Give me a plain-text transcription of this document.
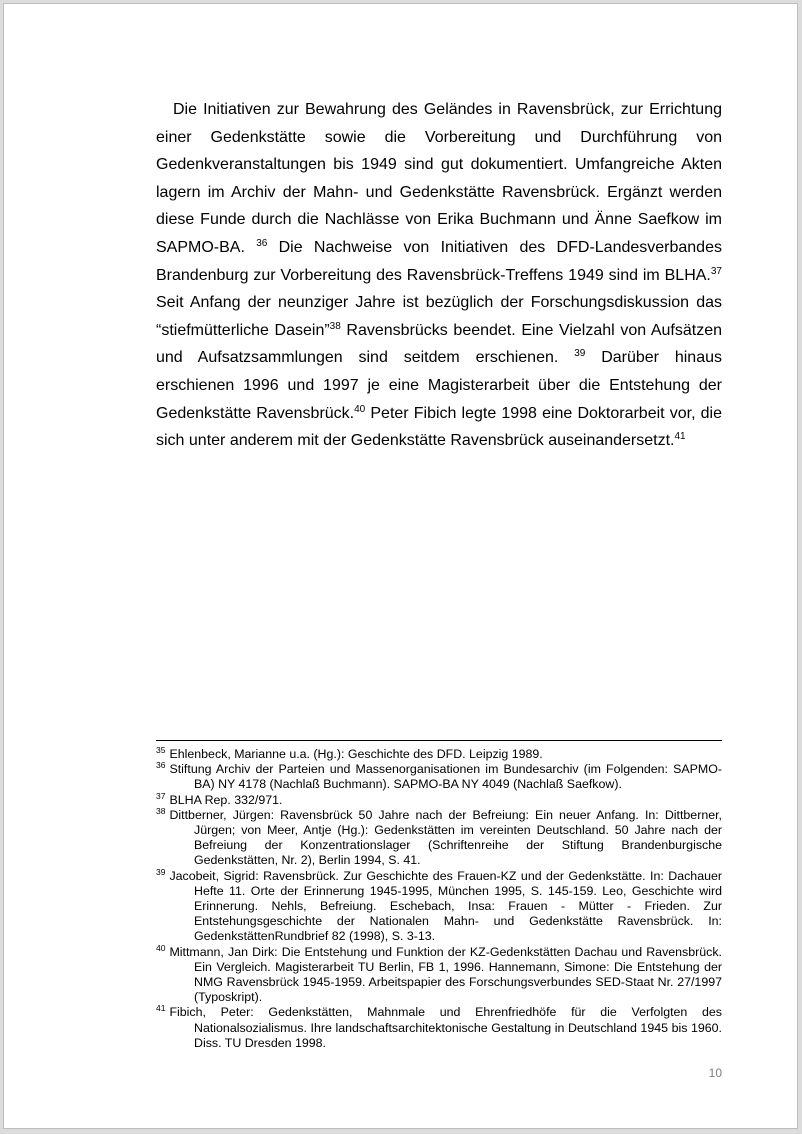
Die Initiativen zur Bewahrung des Geländes in Ravensbrück, zur Errichtung einer Gedenkstätte sowie die Vorbereitung und Durchführung von Gedenkveranstaltungen bis 1949 sind gut dokumentiert. Umfangreiche Akten lagern im Archiv der Mahn- und Gedenkstätte Ravensbrück. Ergänzt werden diese Funde durch die Nachlässe von Erika Buchmann und Änne Saefkow im SAPMO-BA. $^{36}$ Die Nachweise von Initiativen des DFD-Landesverbandes Brandenburg zur Vorbereitung des Ravensbrück-Treffens 1949 sind im BLHA.$^{37}$ Seit Anfang der neunziger Jahre ist bezüglich der Forschungsdiskussion das “stiefmütterliche Dasein”$^{38}$ Ravensbrücks beendet. Eine Vielzahl von Aufsätzen und Aufsatzsammlungen sind seitdem erschienen. $^{39}$ Darüber hinaus erschienen 1996 und 1997 je eine Magisterarbeit über die Entstehung der Gedenkstätte Ravensbrück.$^{40}$ Peter Fibich legte 1998 eine Doktorarbeit vor, die sich unter anderem mit der Gedenkstätte Ravensbrück auseinandersetzt.$^{41}$

$^{35}$ Ehlenbeck, Marianne u.a. (Hg.): Geschichte des DFD. Leipzig 1989.

$^{36}$ Stiftung Archiv der Parteien und Massenorganisationen im Bundesarchiv (im Folgenden: SAPMO-BA) NY 4178 (Nachlaß Buchmann). SAPMO-BA NY 4049 (Nachlaß Saefkow).

$^{37}$ BLHA Rep. 332/971.

$^{38}$ Dittberner, Jürgen: Ravensbrück 50 Jahre nach der Befreiung: Ein neuer Anfang. In: Dittberner, Jürgen; von Meer, Antje (Hg.): Gedenkstätten im vereinten Deutschland. 50 Jahre nach der Befreiung der Konzentrationslager (Schriftenreihe der Stiftung Brandenburgische Gedenkstätten, Nr. 2), Berlin 1994, S. 41.

$^{39}$ Jacobeit, Sigrid: Ravensbrück. Zur Geschichte des Frauen-KZ und der Gedenkstätte. In: Dachauer Hefte 11. Orte der Erinnerung 1945-1995, München 1995, S. 145-159. Leo, Geschichte wird Erinnerung. Nehls, Befreiung. Eschebach, Insa: Frauen - Mütter - Frieden. Zur Entstehungsgeschichte der Nationalen Mahn- und Gedenkstätte Ravensbrück. In: GedenkstättenRundbrief 82 (1998), S. 3-13.

$^{40}$ Mittmann, Jan Dirk: Die Entstehung und Funktion der KZ-Gedenkstätten Dachau und Ravensbrück. Ein Vergleich. Magisterarbeit TU Berlin, FB 1, 1996. Hannemann, Simone: Die Entstehung der NMG Ravensbrück 1945-1959. Arbeitspapier des Forschungsverbundes SED-Staat Nr. 27/1997 (Typoskript).

$^{41}$ Fibich, Peter: Gedenkstätten, Mahnmale und Ehrenfriedhöfe für die Verfolgten des Nationalsozialismus. Ihre landschaftsarchitektonische Gestaltung in Deutschland 1945 bis 1960. Diss. TU Dresden 1998.

10
